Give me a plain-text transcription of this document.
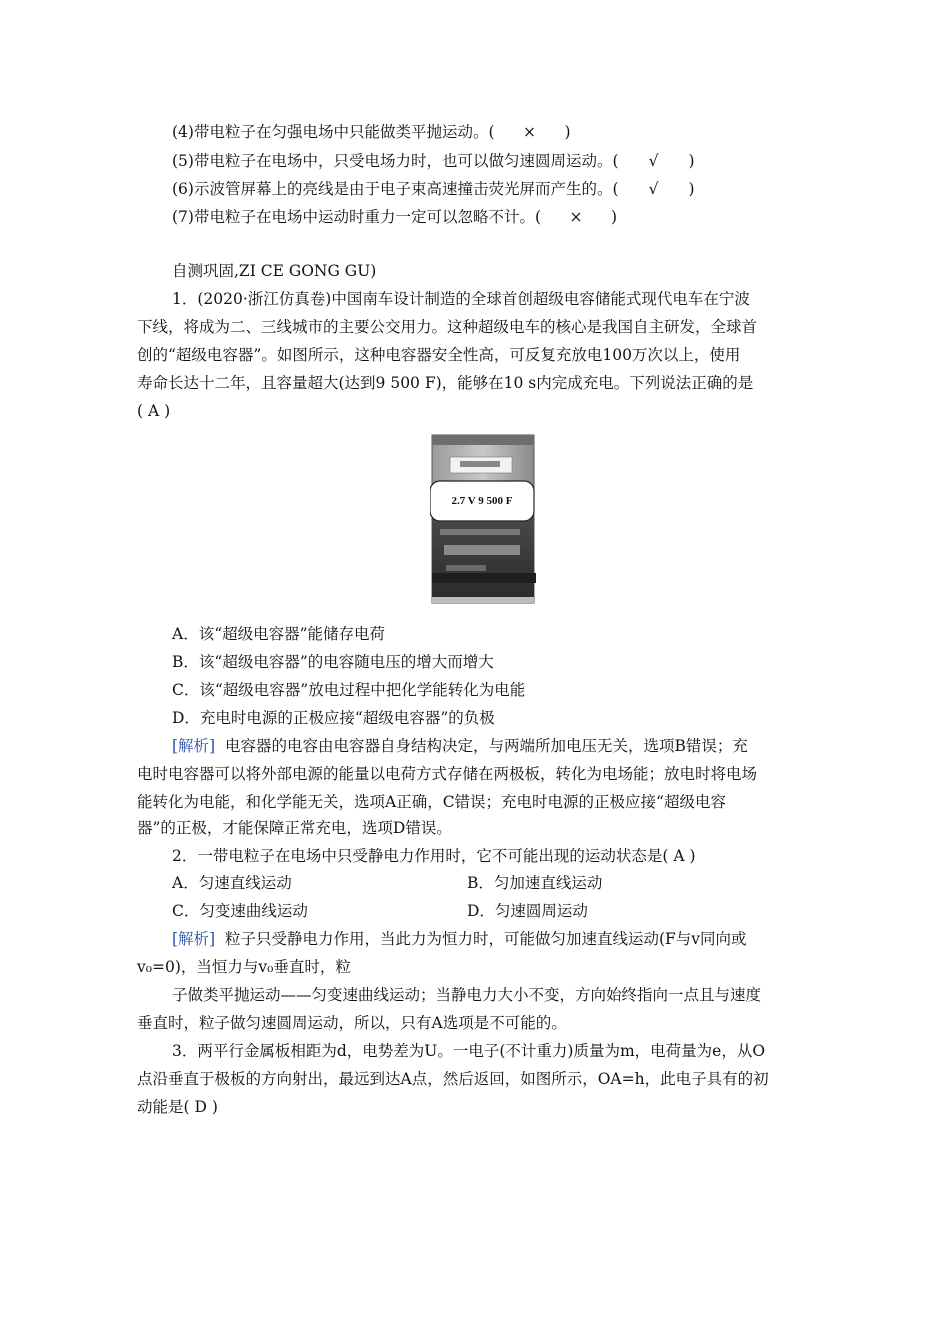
(4)带电粒子在匀强电场中只能做类平抛运动。( × )
(5)带电粒子在电场中，只受电场力时，也可以做匀速圆周运动。( √ )
(6)示波管屏幕上的亮线是由于电子束高速撞击荧光屏而产生的。( √ )
(7)带电粒子在电场中运动时重力一定可以忽略不计。( × )
自测巩固,ZI CE GONG GU)
1．(2020·浙江仿真卷)中国南车设计制造的全球首创超级电容储能式现代电车在宁波
下线，将成为二、三线城市的主要公交用力。这种超级电车的核心是我国自主研发，全球首
创的“超级电容器”。如图所示，这种电容器安全性高，可反复充放电100万次以上，使用
寿命长达十二年，且容量超大(达到9 500 F)，能够在10 s内完成充电。下列说法正确的是
( A )
2.7 V 9 500 F
A．该“超级电容器”能储存电荷
B．该“超级电容器”的电容随电压的增大而增大
C．该“超级电容器”放电过程中把化学能转化为电能
D．充电时电源的正极应接“超级电容器”的负极
[解析] 电容器的电容由电容器自身结构决定，与两端所加电压无关，选项B错误；充
电时电容器可以将外部电源的能量以电荷方式存储在两极板，转化为电场能；放电时将电场
能转化为电能，和化学能无关，选项A正确，C错误；充电时电源的正极应接“超级电容
器”的正极，才能保障正常充电，选项D错误。
2．一带电粒子在电场中只受静电力作用时，它不可能出现的运动状态是( A )
A．匀速直线运动	B．匀加速直线运动
C．匀变速曲线运动	D．匀速圆周运动
[解析] 粒子只受静电力作用，当此力为恒力时，可能做匀加速直线运动(F与v同向或
v₀=0)，当恒力与v₀垂直时，粒
子做类平抛运动——匀变速曲线运动；当静电力大小不变，方向始终指向一点且与速度
垂直时，粒子做匀速圆周运动，所以，只有A选项是不可能的。
3．两平行金属板相距为d，电势差为U。一电子(不计重力)质量为m，电荷量为e，从O
点沿垂直于极板的方向射出，最远到达A点，然后返回，如图所示，OA=h，此电子具有的初
动能是( D )
